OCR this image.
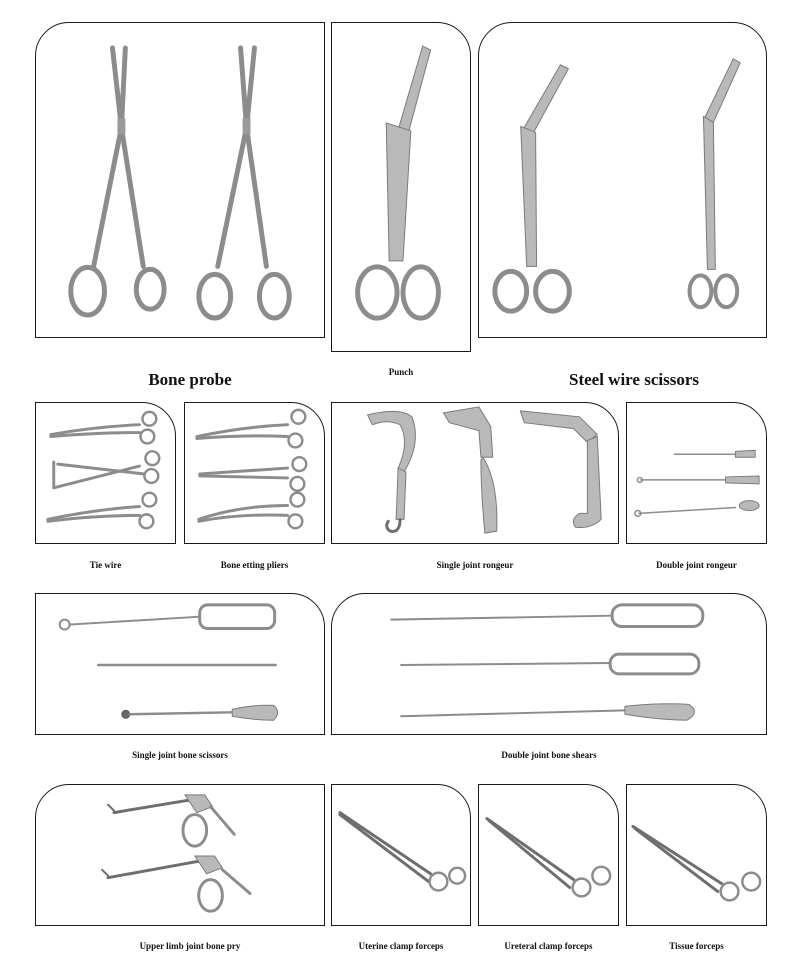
Bone probe	Punch	Steel wire scissors
Tie wire	Bone etting pliers	Single joint rongeur	Double joint rongeur
Single joint bone scissors	Double joint bone shears
Upper limb joint bone pry	Uterine clamp forceps	Ureteral clamp forceps	Tissue forceps
